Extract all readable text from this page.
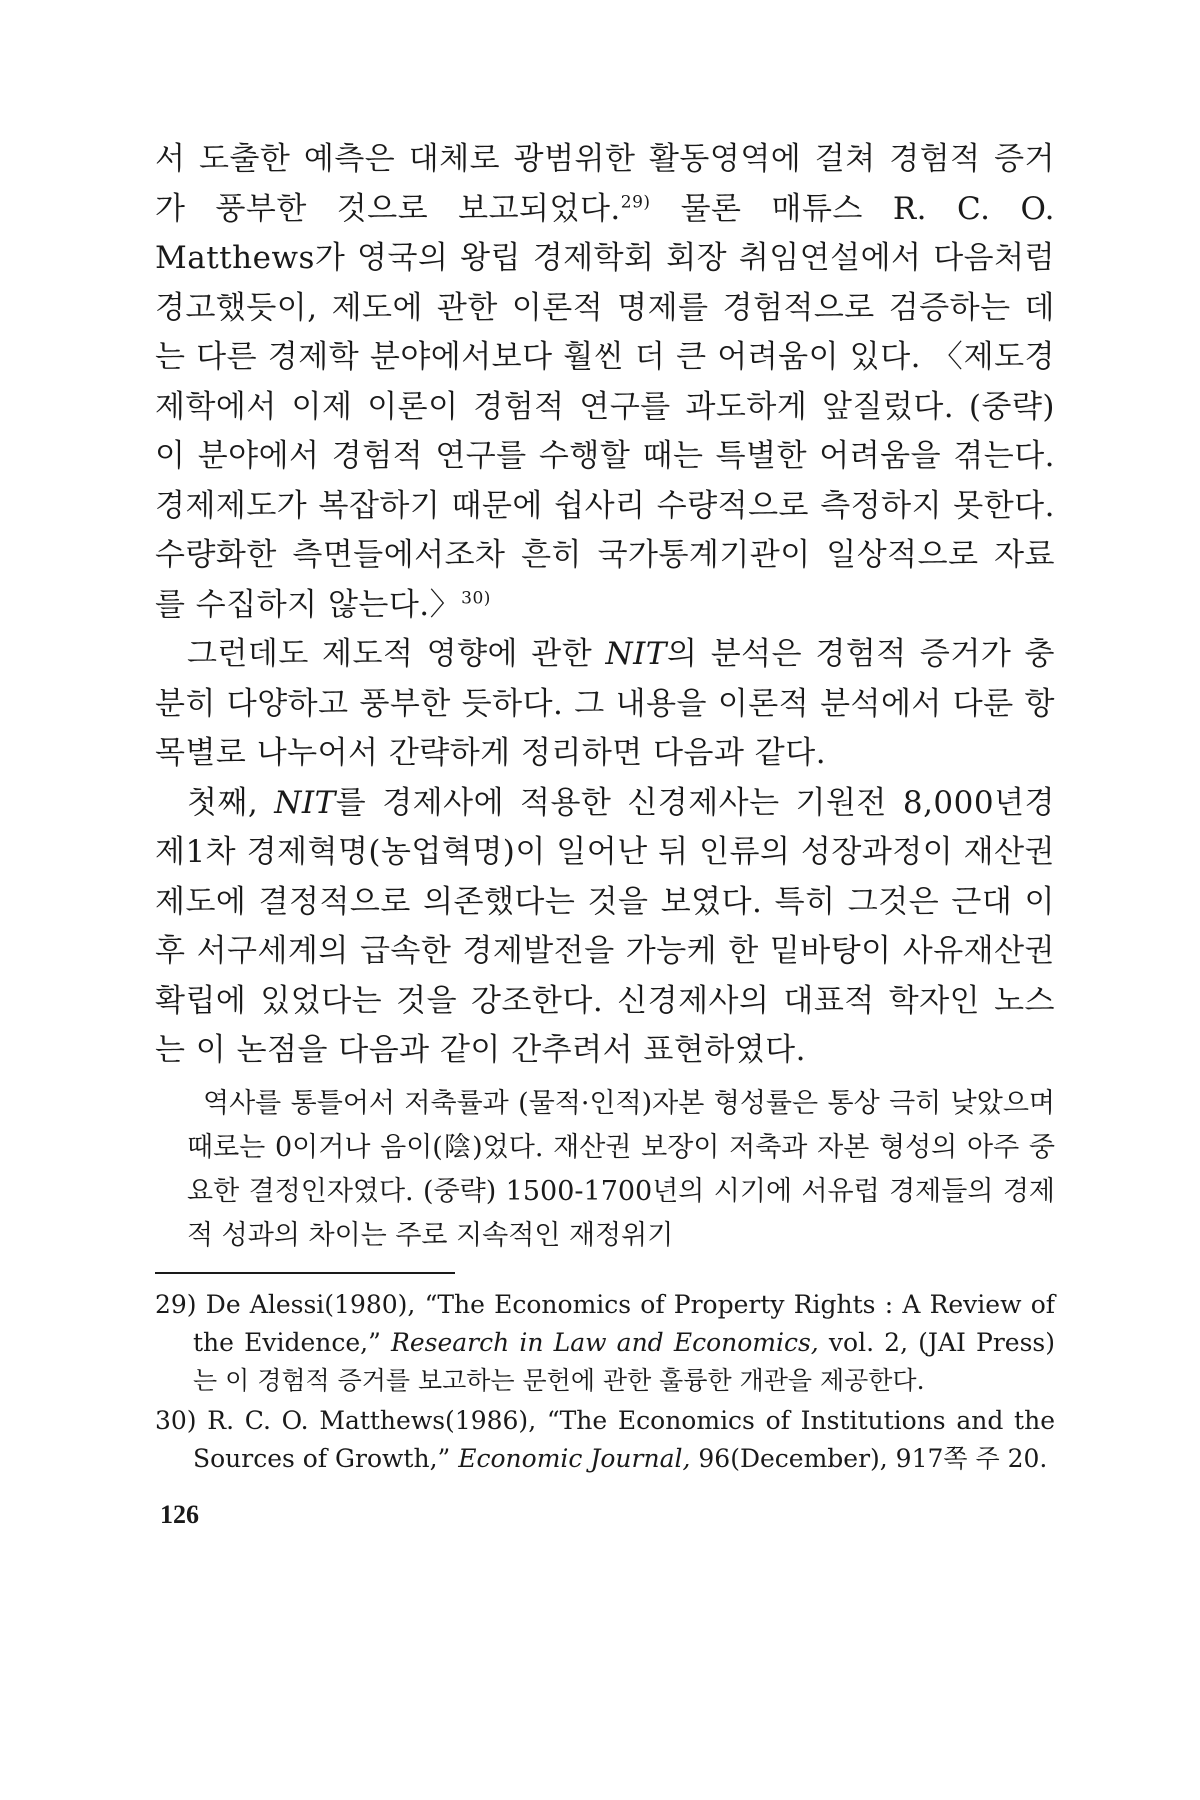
서 도출한 예측은 대체로 광범위한 활동영역에 걸쳐 경험적 증거가 풍부한 것으로 보고되었다.$^{29)}$ 물론 매튜스 R. C. O. Matthews가 영국의 왕립 경제학회 회장 취임연설에서 다음처럼 경고했듯이, 제도에 관한 이론적 명제를 경험적으로 검증하는 데는 다른 경제학 분야에서보다 훨씬 더 큰 어려움이 있다. 〈제도경제학에서 이제 이론이 경험적 연구를 과도하게 앞질렀다. (중략) 이 분야에서 경험적 연구를 수행할 때는 특별한 어려움을 겪는다. 경제제도가 복잡하기 때문에 쉽사리 수량적으로 측정하지 못한다. 수량화한 측면들에서조차 흔히 국가통계기관이 일상적으로 자료를 수집하지 않는다.〉$^{30)}$

그런데도 제도적 영향에 관한 NIT의 분석은 경험적 증거가 충분히 다양하고 풍부한 듯하다. 그 내용을 이론적 분석에서 다룬 항목별로 나누어서 간략하게 정리하면 다음과 같다.

첫째, NIT를 경제사에 적용한 신경제사는 기원전 8,000년경 제1차 경제혁명(농업혁명)이 일어난 뒤 인류의 성장과정이 재산권제도에 결정적으로 의존했다는 것을 보였다. 특히 그것은 근대 이후 서구세계의 급속한 경제발전을 가능케 한 밑바탕이 사유재산권 확립에 있었다는 것을 강조한다. 신경제사의 대표적 학자인 노스는 이 논점을 다음과 같이 간추려서 표현하였다.

역사를 통틀어서 저축률과 (물적·인적)자본 형성률은 통상 극히 낮았으며 때로는 0이거나 음이(陰)었다. 재산권 보장이 저축과 자본 형성의 아주 중요한 결정인자였다. (중략) 1500-1700년의 시기에 서유럽 경제들의 경제적 성과의 차이는 주로 지속적인 재정위기

29) De Alessi(1980), “The Economics of Property Rights : A Review of the Evidence,” Research in Law and Economics, vol. 2, (JAI Press)는 이 경험적 증거를 보고하는 문헌에 관한 훌륭한 개관을 제공한다.

30) R. C. O. Matthews(1986), “The Economics of Institutions and the Sources of Growth,” Economic Journal, 96(December), 917쪽 주 20.

126
